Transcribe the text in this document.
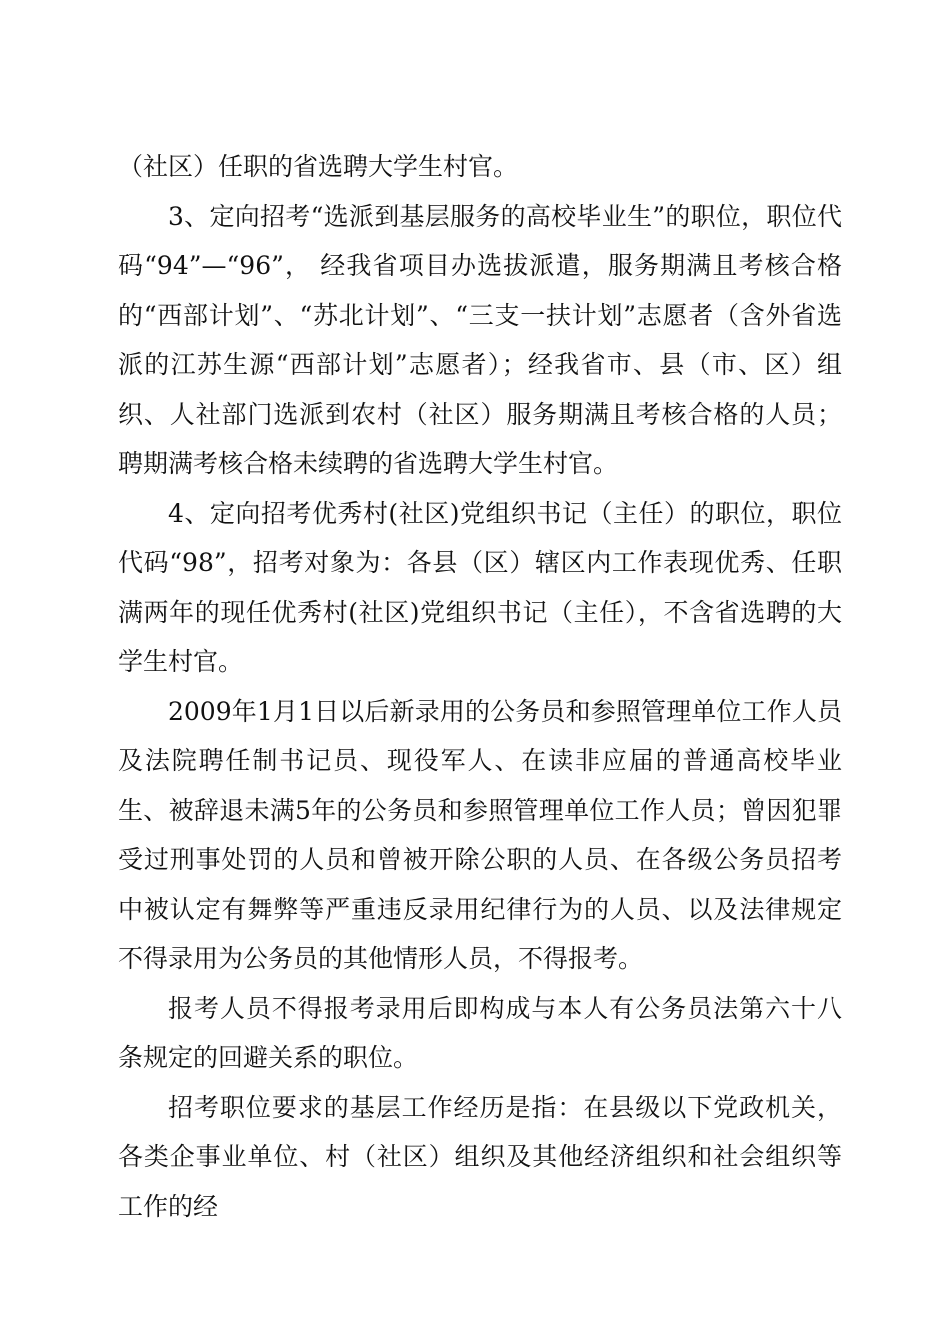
（社区）任职的省选聘大学生村官。

3、定向招考“选派到基层服务的高校毕业生”的职位，职位代码“94”—“96”， 经我省项目办选拔派遣，服务期满且考核合格的“西部计划”、“苏北计划”、“三支一扶计划”志愿者（含外省选派的江苏生源“西部计划”志愿者）；经我省市、县（市、区）组织、人社部门选派到农村（社区）服务期满且考核合格的人员；聘期满考核合格未续聘的省选聘大学生村官。

4、定向招考优秀村(社区)党组织书记（主任）的职位，职位代码“98”，招考对象为：各县（区）辖区内工作表现优秀、任职满两年的现任优秀村(社区)党组织书记（主任），不含省选聘的大学生村官。

2009年1月1日以后新录用的公务员和参照管理单位工作人员及法院聘任制书记员、现役军人、在读非应届的普通高校毕业生、被辞退未满5年的公务员和参照管理单位工作人员；曾因犯罪受过刑事处罚的人员和曾被开除公职的人员、在各级公务员招考中被认定有舞弊等严重违反录用纪律行为的人员、以及法律规定不得录用为公务员的其他情形人员，不得报考。

报考人员不得报考录用后即构成与本人有公务员法第六十八条规定的回避关系的职位。

招考职位要求的基层工作经历是指：在县级以下党政机关，各类企事业单位、村（社区）组织及其他经济组织和社会组织等工作的经
